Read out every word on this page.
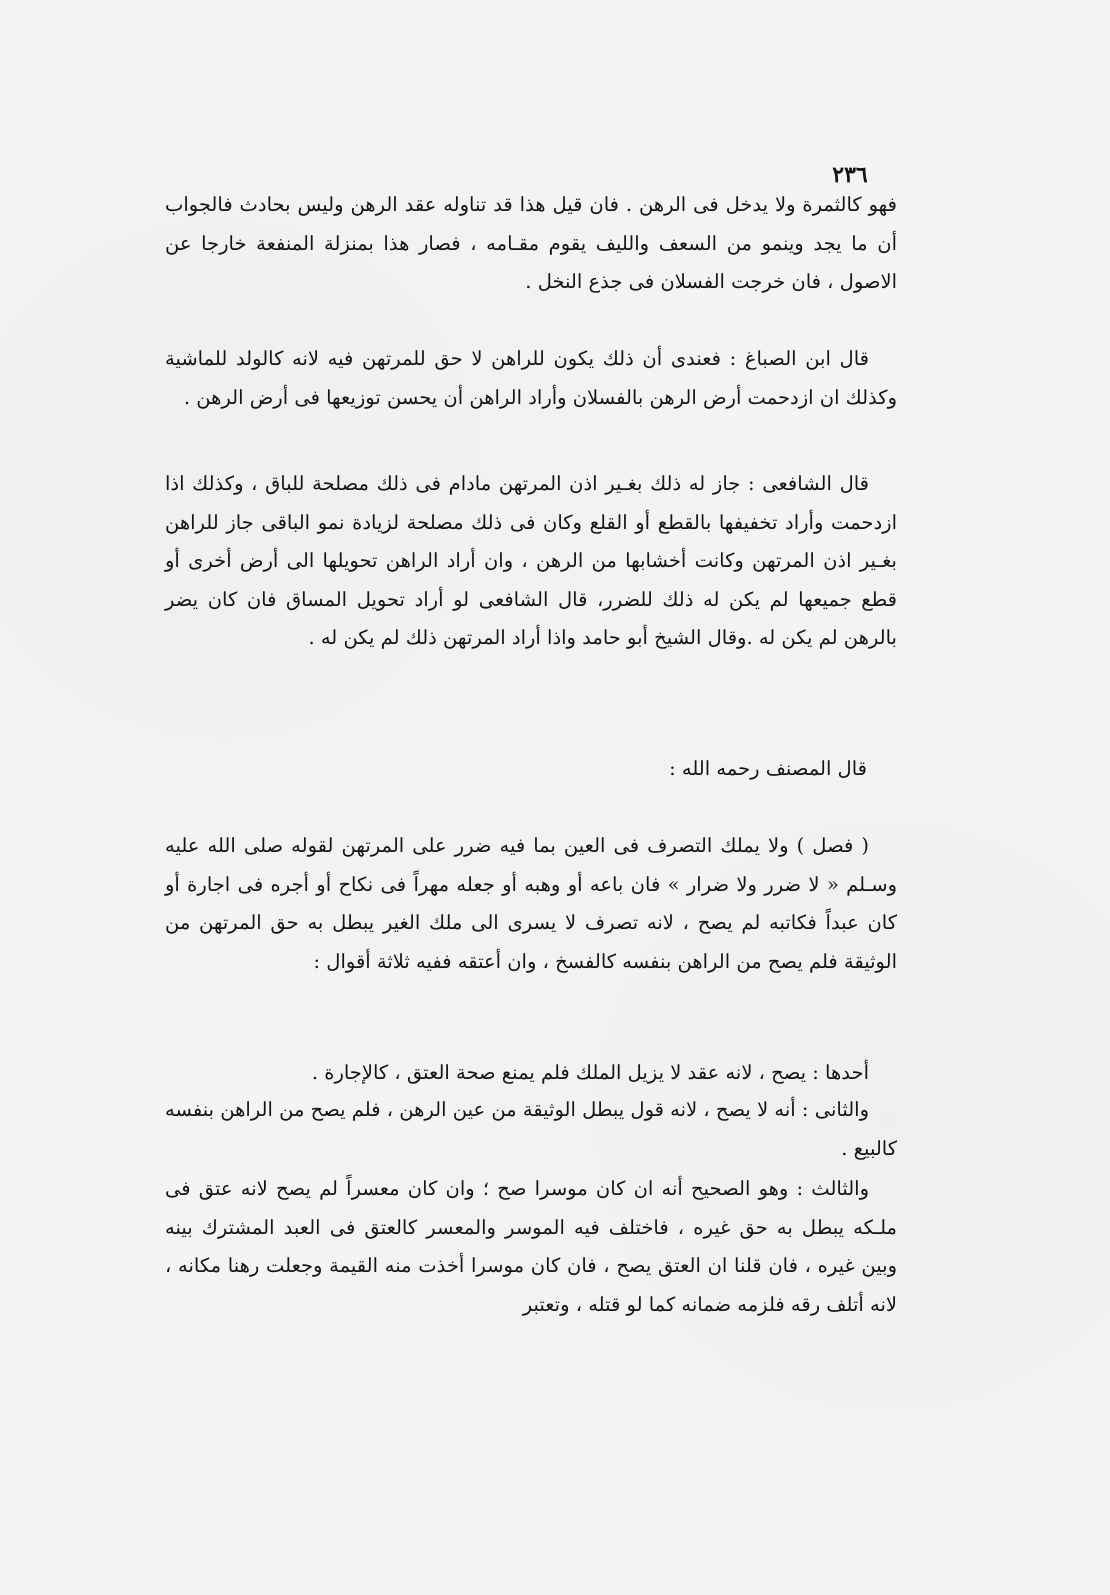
٢٣٦

فهو كالثمرة ولا يدخل فى الرهن . فان قيل هذا قد تناوله عقد الرهن وليس بحادث فالجواب أن ما يجد وينمو من السعف والليف يقوم مقـامه ، فصار هذا بمنزلة المنفعة خارجا عن الاصول ، فان خرجت الفسلان فى جذع النخل .

قال ابن الصباغ : فعندى أن ذلك يكون للراهن لا حق للمرتهن فيه لانه كالولد للماشية وكذلك ان ازدحمت أرض الرهن بالفسلان وأراد الراهن أن يحسن توزيعها فى أرض الرهن .

قال الشافعى : جاز له ذلك بغـير اذن المرتهن مادام فى ذلك مصلحة للباق ، وكذلك اذا ازدحمت وأراد تخفيفها بالقطع أو القلع وكان فى ذلك مصلحة لزيادة نمو الباقى جاز للراهن بغـير اذن المرتهن وكانت أخشابها من الرهن ، وان أراد الراهن تحويلها الى أرض أخرى أو قطع جميعها لم يكن له ذلك للضرر، قال الشافعى لو أراد تحويل المساق فان كان يضر بالرهن لم يكن له .وقال الشيخ أبو حامد واذا أراد المرتهن ذلك لم يكن له .

قال المصنف رحمه الله :

( فصل ) ولا يملك التصرف فى العين بما فيه ضرر على المرتهن لقوله صلى الله عليه وسـلم « لا ضرر ولا ضرار » فان باعه أو وهبه أو جعله مهراً فى نكاح أو أجره فى اجارة أو كان عبداً فكاتبه لم يصح ، لانه تصرف لا يسرى الى ملك الغير يبطل به حق المرتهن من الوثيقة فلم يصح من الراهن بنفسه كالفسخ ، وان أعتقه ففيه ثلاثة أقوال :

أحدها : يصح ، لانه عقد لا يزيل الملك فلم يمنع صحة العتق ، كالإجارة .

والثانى : أنه لا يصح ، لانه قول يبطل الوثيقة من عين الرهن ، فلم يصح من الراهن بنفسه كالبيع .

والثالث : وهو الصحيح أنه ان كان موسرا صح ؛ وان كان معسراً لم يصح لانه عتق فى ملـكه يبطل به حق غيره ، فاختلف فيه الموسر والمعسر كالعتق فى العبد المشترك بينه وبين غيره ، فان قلنا ان العتق يصح ، فان كان موسرا أخذت منه القيمة وجعلت رهنا مكانه ، لانه أتلف رقه فلزمه ضمانه كما لو قتله ، وتعتبر
